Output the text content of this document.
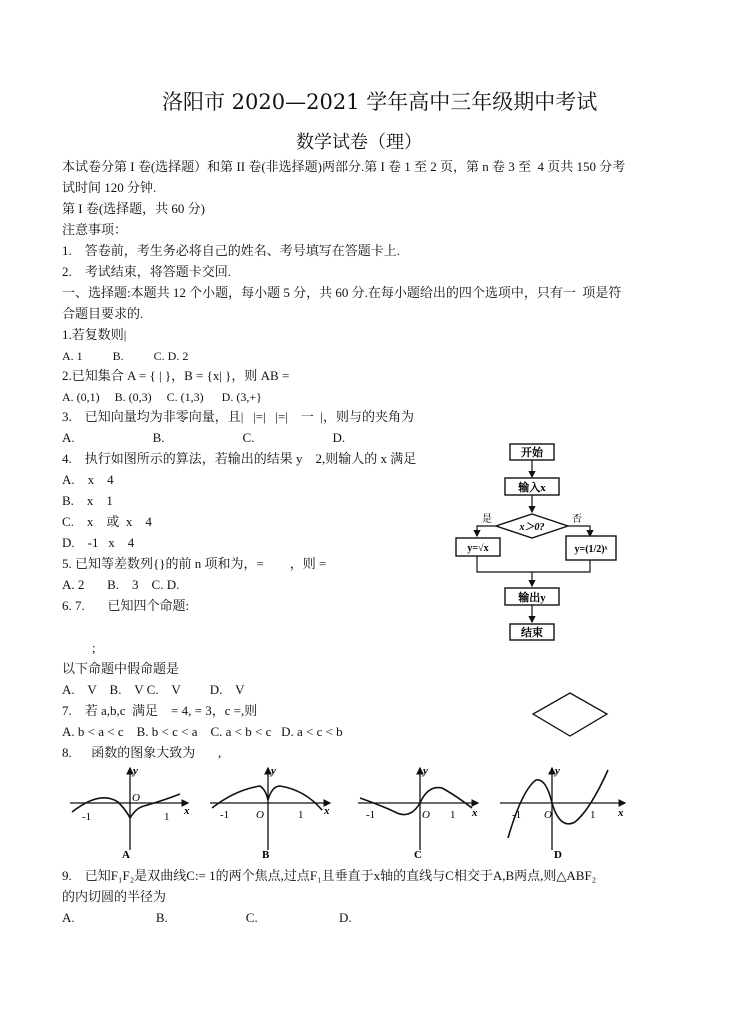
洛阳市 2020—2021 学年高中三年级期中考试
数学试卷（理）
本试卷分第 I 卷(选择题）和第 II 卷(非选择题)两部分.第 I 卷 1 至 2 页，第 n 卷 3 至  4 页共 150 分考
试时间 120 分钟.
第 I 卷(选择题，共 60 分)
注意事项：
1.    答卷前，考生务必将自己的姓名、考号填写在答题卡上.
2.    考试结束，将答题卡交回.
一、选择题:本题共 12 个小题，每小题 5 分，共 60 分.在每小题给出的四个选项中，只有一  项是符
合题目要求的.
1.若复数则|
A. 1          B.          C. D. 2
2.已知集合 A = { | }，B = {x| }，则 AB =
A. (0,1)     B. (0,3)     C. (1,3)      D. (3,+}
3.    已知向量均为非零向量，且|   |=|   |=|    一  |，则与的夹角为
A.                        B.                        C.                        D.
4.    执行如图所示的算法，若输出的结果 y    2,则输人的 x 满足
A.    x    4
B.    x    1
C.    x    或  x    4
D.    -1   x    4
5. 已知等差数列{}的前 n 项和为，=        ，则 =
A. 2       B.    3    C. D.
6. 7.       已知四个命题:
;
以下命题中假命题是
A.    V    B.    V C.    V         D.    V
7.    若 a,b,c  满足    = 4, = 3，c =,则
A. b < a < c    B. b < c < a    C. a < b < c   D. a < c < b
8.      函数的图象大致为       ,
9.    已知F₁F₂是双曲线C:= 1的两个焦点,过点F₁且垂直于x轴的直线与C相交于A,B两点,则△ABF₂
的内切圆的半径为
A.                         B.                        C.                         D.
开始
输入x
x＞0?
是	否
y=√x	y=(1/2)ˣ
输出y
结束
y
x
O
-1	1
A
y
x
O
-1	1
B
y
x
O
-1	1
C
y
x
O
-1	1
D
